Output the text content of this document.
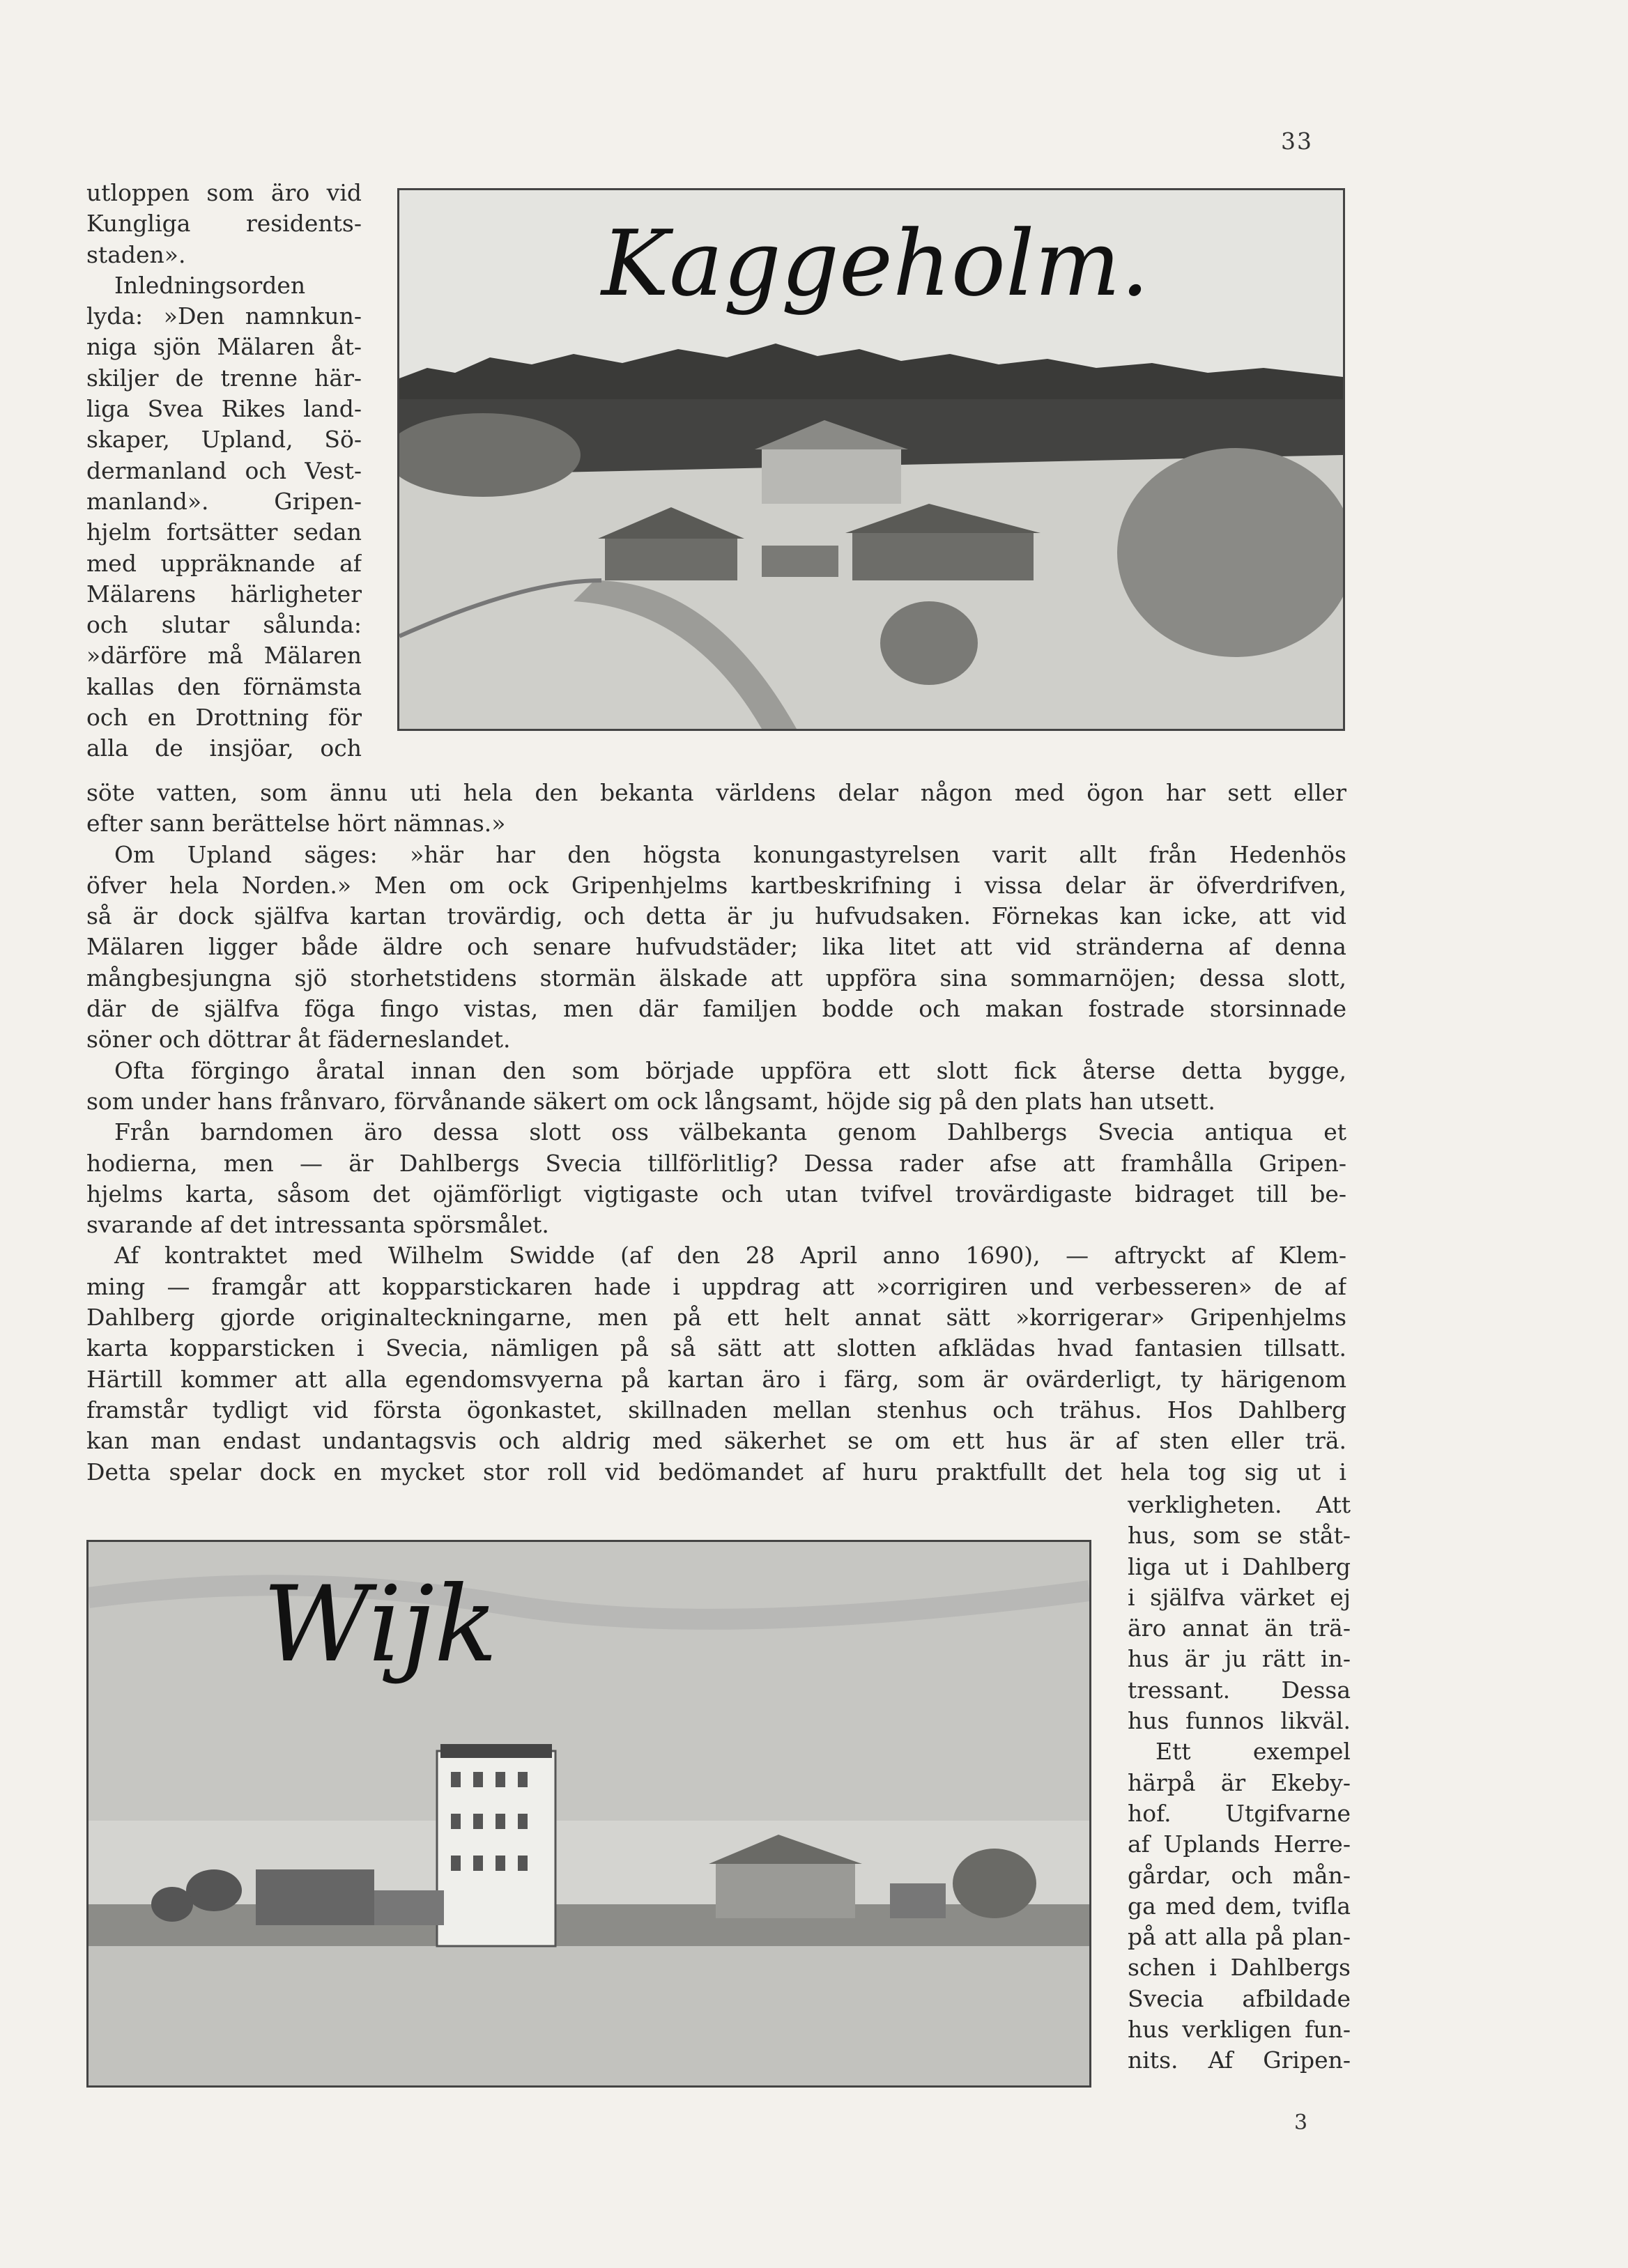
33
Kaggeholm.
utloppen som äro vid
Kungliga residents-
staden».
Inledningsorden
lyda: »Den namnkun-
niga sjön Mälaren åt-
skiljer de trenne här-
liga Svea Rikes land-
skaper, Upland, Sö-
dermanland och Vest-
manland». Gripen-
hjelm fortsätter sedan
med uppräknande af
Mälarens härligheter
och slutar sålunda:
»därföre må Mälaren
kallas den förnämsta
och en Drottning för
alla de insjöar, och
söte vatten, som ännu uti hela den bekanta världens delar någon med ögon har sett eller
efter sann berättelse hört nämnas.»
Om Upland säges: »här har den högsta konungastyrelsen varit allt från Hedenhös
öfver hela Norden.» Men om ock Gripenhjelms kartbeskrifning i vissa delar är öfverdrifven,
så är dock själfva kartan trovärdig, och detta är ju hufvudsaken. Förnekas kan icke, att vid
Mälaren ligger både äldre och senare hufvudstäder; lika litet att vid stränderna af denna
mångbesjungna sjö storhetstidens stormän älskade att uppföra sina sommarnöjen; dessa slott,
där de själfva föga fingo vistas, men där familjen bodde och makan fostrade storsinnade
söner och döttrar åt fäderneslandet.
Ofta förgingo åratal innan den som började uppföra ett slott fick återse detta bygge,
som under hans frånvaro, förvånande säkert om ock långsamt, höjde sig på den plats han utsett.
Från barndomen äro dessa slott oss välbekanta genom Dahlbergs Svecia antiqua et
hodierna, men — är Dahlbergs Svecia tillförlitlig? Dessa rader afse att framhålla Gripen-
hjelms karta, såsom det ojämförligt vigtigaste och utan tvifvel trovärdigaste bidraget till be-
svarande af det intressanta spörsmålet.
Af kontraktet med Wilhelm Swidde (af den 28 April anno 1690), — aftryckt af Klem-
ming — framgår att kopparstickaren hade i uppdrag att »corrigiren und verbesseren» de af
Dahlberg gjorde originalteckningarne, men på ett helt annat sätt »korrigerar» Gripenhjelms
karta kopparsticken i Svecia, nämligen på så sätt att slotten afklädas hvad fantasien tillsatt.
Härtill kommer att alla egendomsvyerna på kartan äro i färg, som är ovärderligt, ty härigenom
framstår tydligt vid första ögonkastet, skillnaden mellan stenhus och trähus. Hos Dahlberg
kan man endast undantagsvis och aldrig med säkerhet se om ett hus är af sten eller trä.
Detta spelar dock en mycket stor roll vid bedömandet af huru praktfullt det hela tog sig ut i
Wijk
verkligheten. Att
hus, som se ståt-
liga ut i Dahlberg
i själfva värket ej
äro annat än trä-
hus är ju rätt in-
tressant. Dessa
hus funnos likväl.
Ett exempel
härpå är Ekeby-
hof. Utgifvarne
af Uplands Herre-
gårdar, och mån-
ga med dem, tvifla
på att alla på plan-
schen i Dahlbergs
Svecia afbildade
hus verkligen fun-
nits. Af Gripen-
3
